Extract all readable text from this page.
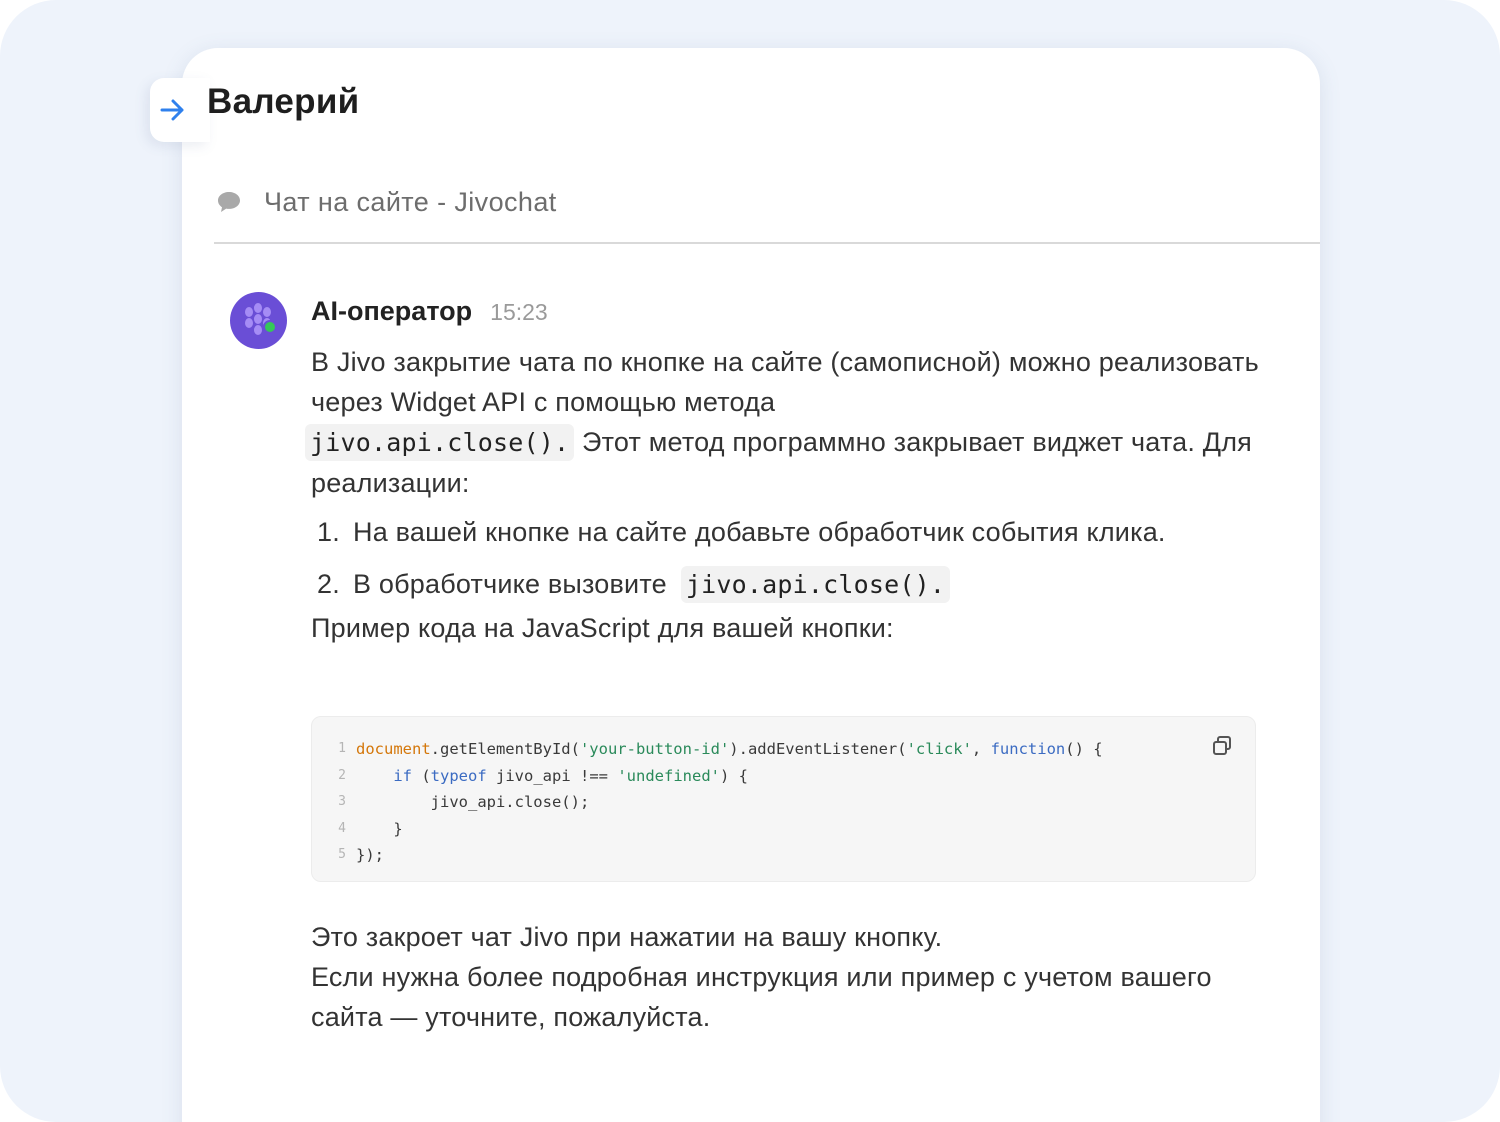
Валерий
Чат на сайте - Jivochat
AI-оператор 15:23

В Jivo закрытие чата по кнопке на сайте (самописной) можно реализовать через Widget API с помощью метода
jivo.api.close(). Этот метод программно закрывает виджет чата. Для реализации:

1. На вашей кнопке на сайте добавьте обработчик события клика.
2. В обработчике вызовите jivo.api.close().

Пример кода на JavaScript для вашей кнопки:

1 document.getElementById('your-button-id').addEventListener('click', function() {
2	if (typeof jivo_api !== 'undefined') {
3 jivo_api.close();
4 }
5 });

Это закроет чат Jivo при нажатии на вашу кнопку.

Если нужна более подробная инструкция или пример с учетом вашего сайта — уточните, пожалуйста.
